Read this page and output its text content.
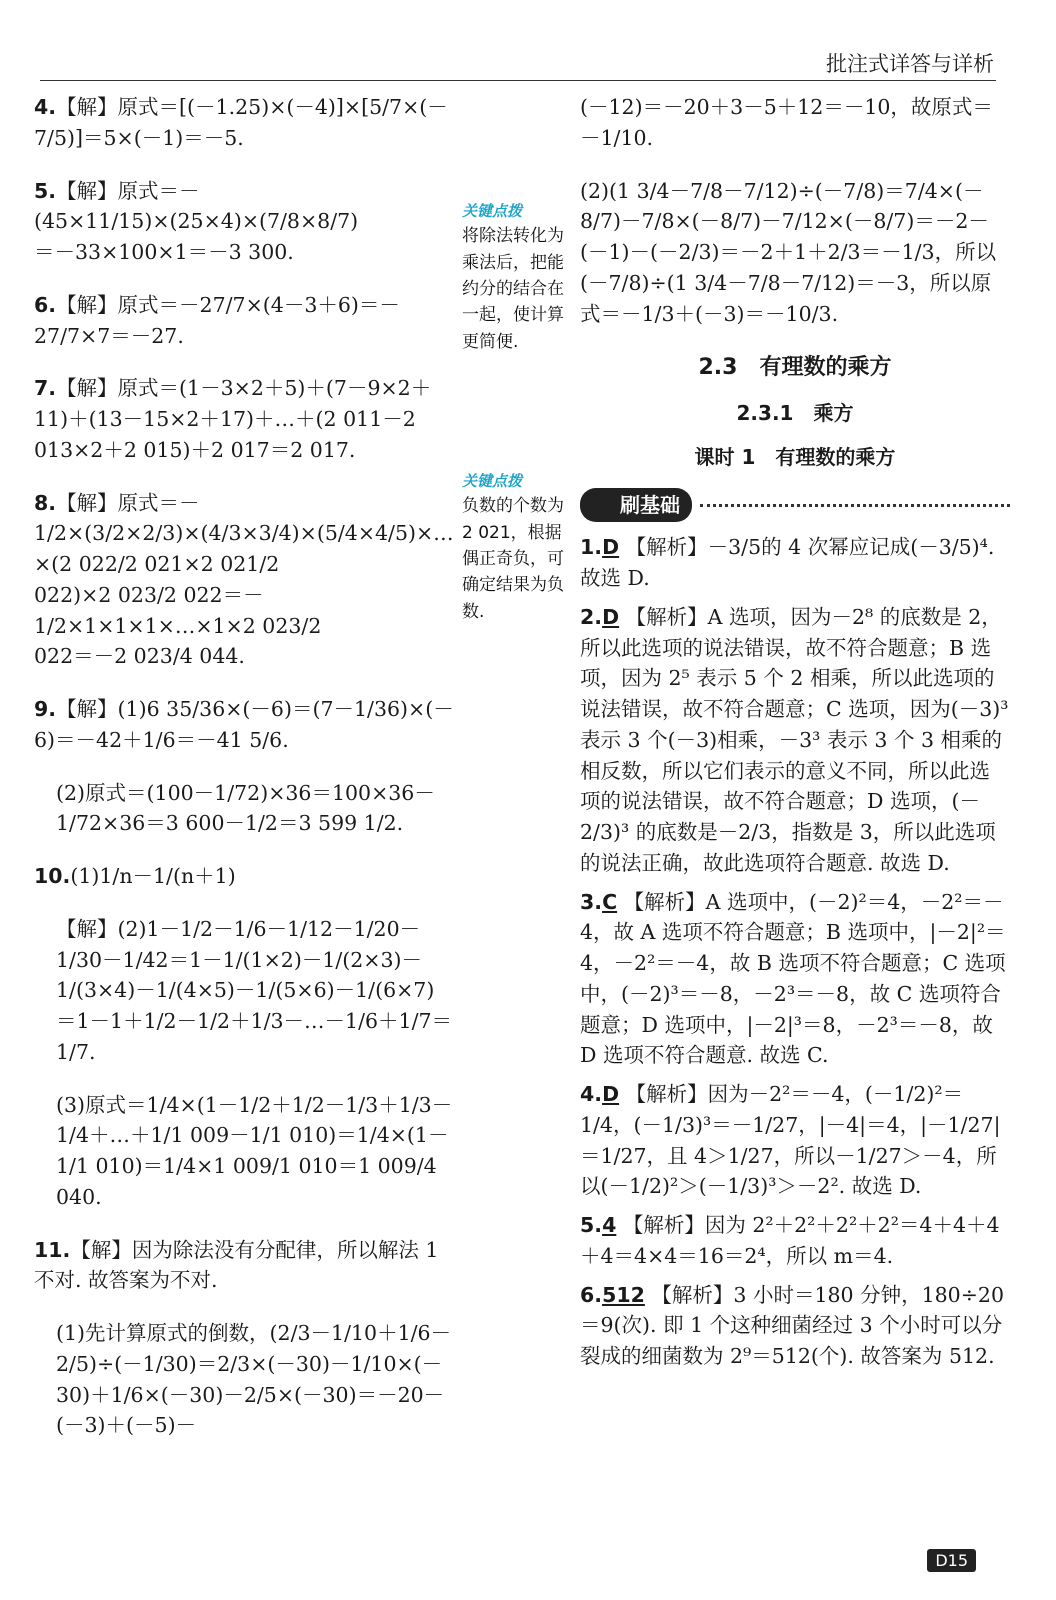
批注式详答与详析

4.【解】原式＝[(－1.25)×(－4)]×[5/7×(－7/5)]＝5×(－1)＝－5.

5.【解】原式＝－(45×11/15)×(25×4)×(7/8×8/7)＝－33×100×1＝－3 300.

6.【解】原式＝－27/7×(4－3＋6)＝－27/7×7＝－27.

7.【解】原式＝(1－3×2＋5)＋(7－9×2＋11)＋(13－15×2＋17)＋…＋(2 011－2 013×2＋2 015)＋2 017＝2 017.

8.【解】原式＝－1/2×(3/2×2/3)×(4/3×3/4)×(5/4×4/5)×…×(2 022/2 021×2 021/2 022)×2 023/2 022＝－1/2×1×1×1×…×1×2 023/2 022＝－2 023/4 044.

9.【解】(1)6 35/36×(－6)＝(7－1/36)×(－6)＝－42＋1/6＝－41 5/6.

(2)原式＝(100－1/72)×36＝100×36－1/72×36＝3 600－1/2＝3 599 1/2.

10.(1)1/n－1/(n＋1)

【解】(2)1－1/2－1/6－1/12－1/20－1/30－1/42＝1－1/(1×2)－1/(2×3)－1/(3×4)－1/(4×5)－1/(5×6)－1/(6×7)＝1－1＋1/2－1/2＋1/3－…－1/6＋1/7＝1/7.

(3)原式＝1/4×(1－1/2＋1/2－1/3＋1/3－1/4＋…＋1/1 009－1/1 010)＝1/4×(1－1/1 010)＝1/4×1 009/1 010＝1 009/4 040.

11.【解】因为除法没有分配律，所以解法 1 不对. 故答案为不对.

(1)先计算原式的倒数，(2/3－1/10＋1/6－2/5)÷(－1/30)＝2/3×(－30)－1/10×(－30)＋1/6×(－30)－2/5×(－30)＝－20－(－3)＋(－5)－

关键点拨
将除法转化为乘法后，把能约分的结合在一起，使计算更简便.
关键点拨
负数的个数为 2 021，根据偶正奇负，可确定结果为负数.

(－12)＝－20＋3－5＋12＝－10，故原式＝－1/10.

(2)(1 3/4－7/8－7/12)÷(－7/8)＝7/4×(－8/7)－7/8×(－8/7)－7/12×(－8/7)＝－2－(－1)－(－2/3)＝－2＋1＋2/3＝－1/3，所以(－7/8)÷(1 3/4－7/8－7/12)＝－3，所以原式＝－1/3＋(－3)＝－10/3.

2.3　有理数的乘方
2.3.1　乘方
课时 1　有理数的乘方
刷基础

1.D 【解析】－3/5的 4 次幂应记成(－3/5)⁴. 故选 D.

2.D 【解析】A 选项，因为－2⁸ 的底数是 2，所以此选项的说法错误，故不符合题意；B 选项，因为 2⁵ 表示 5 个 2 相乘，所以此选项的说法错误，故不符合题意；C 选项，因为(－3)³ 表示 3 个(－3)相乘，－3³ 表示 3 个 3 相乘的相反数，所以它们表示的意义不同，所以此选项的说法错误，故不符合题意；D 选项，(－2/3)³ 的底数是－2/3，指数是 3，所以此选项的说法正确，故此选项符合题意. 故选 D.

3.C 【解析】A 选项中，(－2)²＝4，－2²＝－4，故 A 选项不符合题意；B 选项中，|－2|²＝4，－2²＝－4，故 B 选项不符合题意；C 选项中，(－2)³＝－8，－2³＝－8，故 C 选项符合题意；D 选项中，|－2|³＝8，－2³＝－8，故 D 选项不符合题意. 故选 C.

4.D 【解析】因为－2²＝－4，(－1/2)²＝1/4，(－1/3)³＝－1/27，|－4|＝4，|－1/27|＝1/27，且 4＞1/27，所以－1/27＞－4，所以(－1/2)²＞(－1/3)³＞－2². 故选 D.

5.4 【解析】因为 2²＋2²＋2²＋2²＝4＋4＋4＋4＝4×4＝16＝2⁴，所以 m＝4.

6.512 【解析】3 小时＝180 分钟，180÷20＝9(次). 即 1 个这种细菌经过 3 个小时可以分裂成的细菌数为 2⁹＝512(个). 故答案为 512.

D15
